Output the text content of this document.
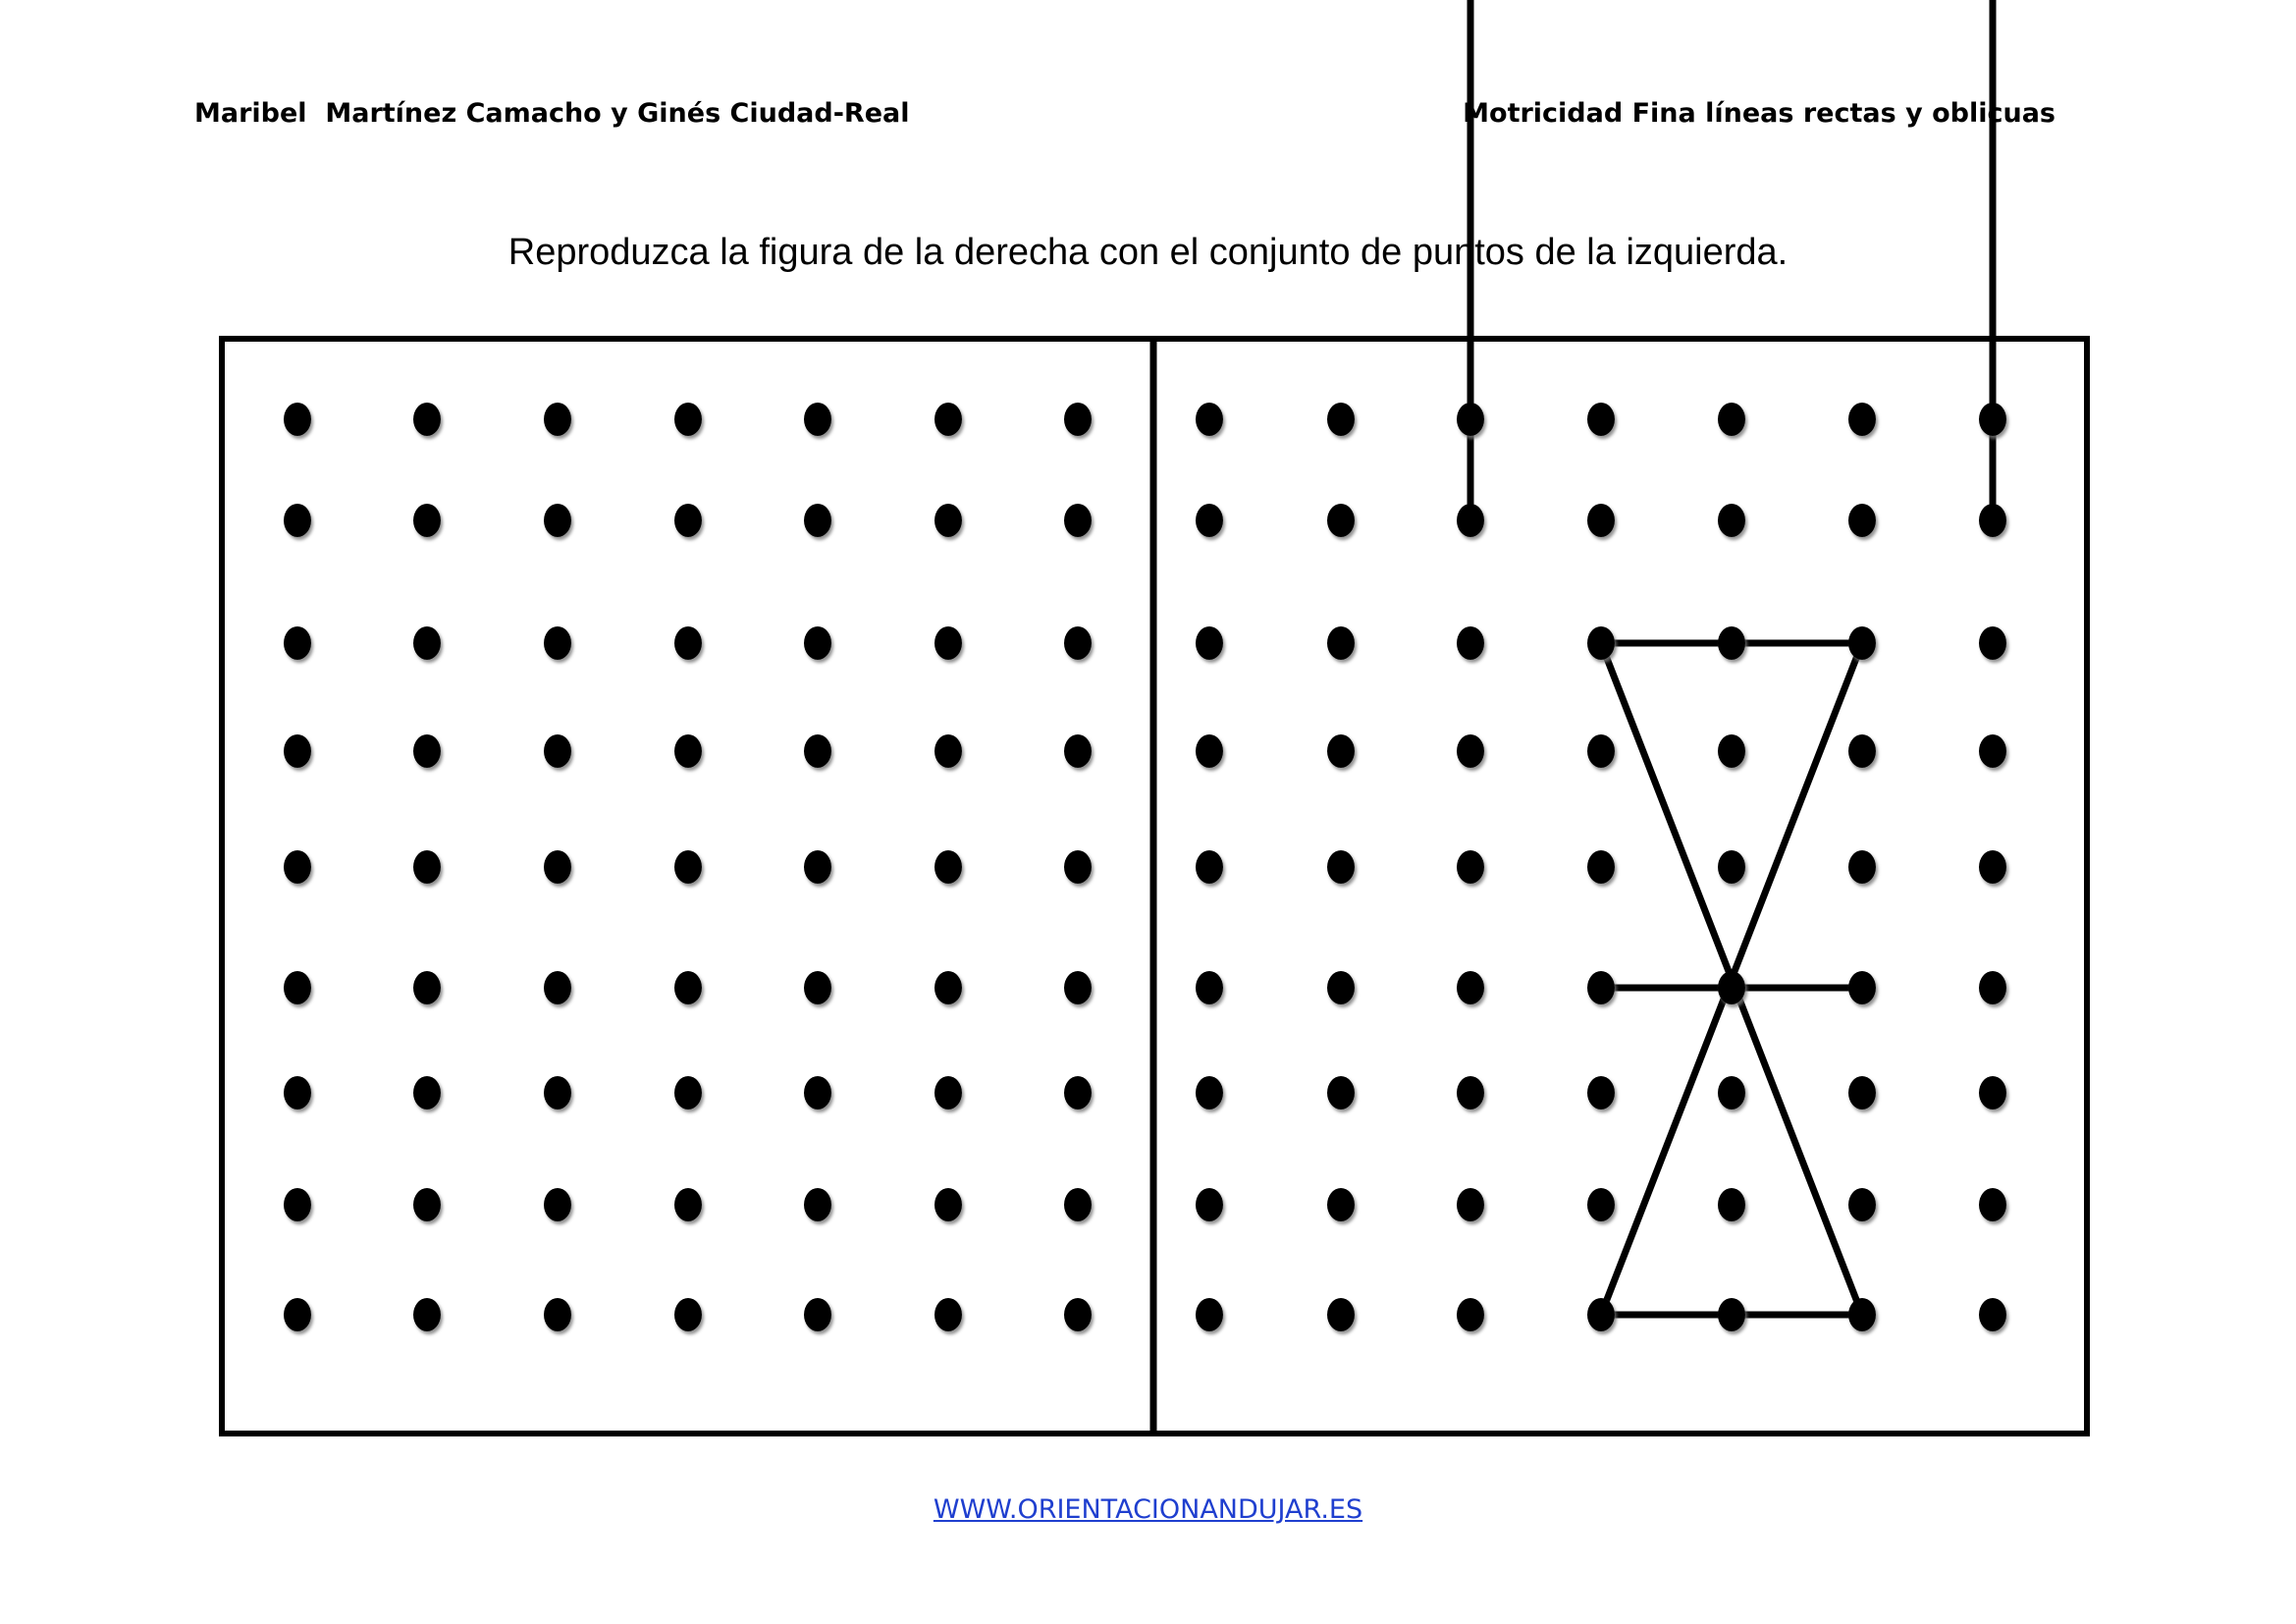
Maribel  Martínez Camacho y Ginés Ciudad-Real	Motricidad Fina líneas rectas y oblicuas
Reproduzca la figura de la derecha con el conjunto de puntos de la izquierda.
WWW.ORIENTACIONANDUJAR.ES
